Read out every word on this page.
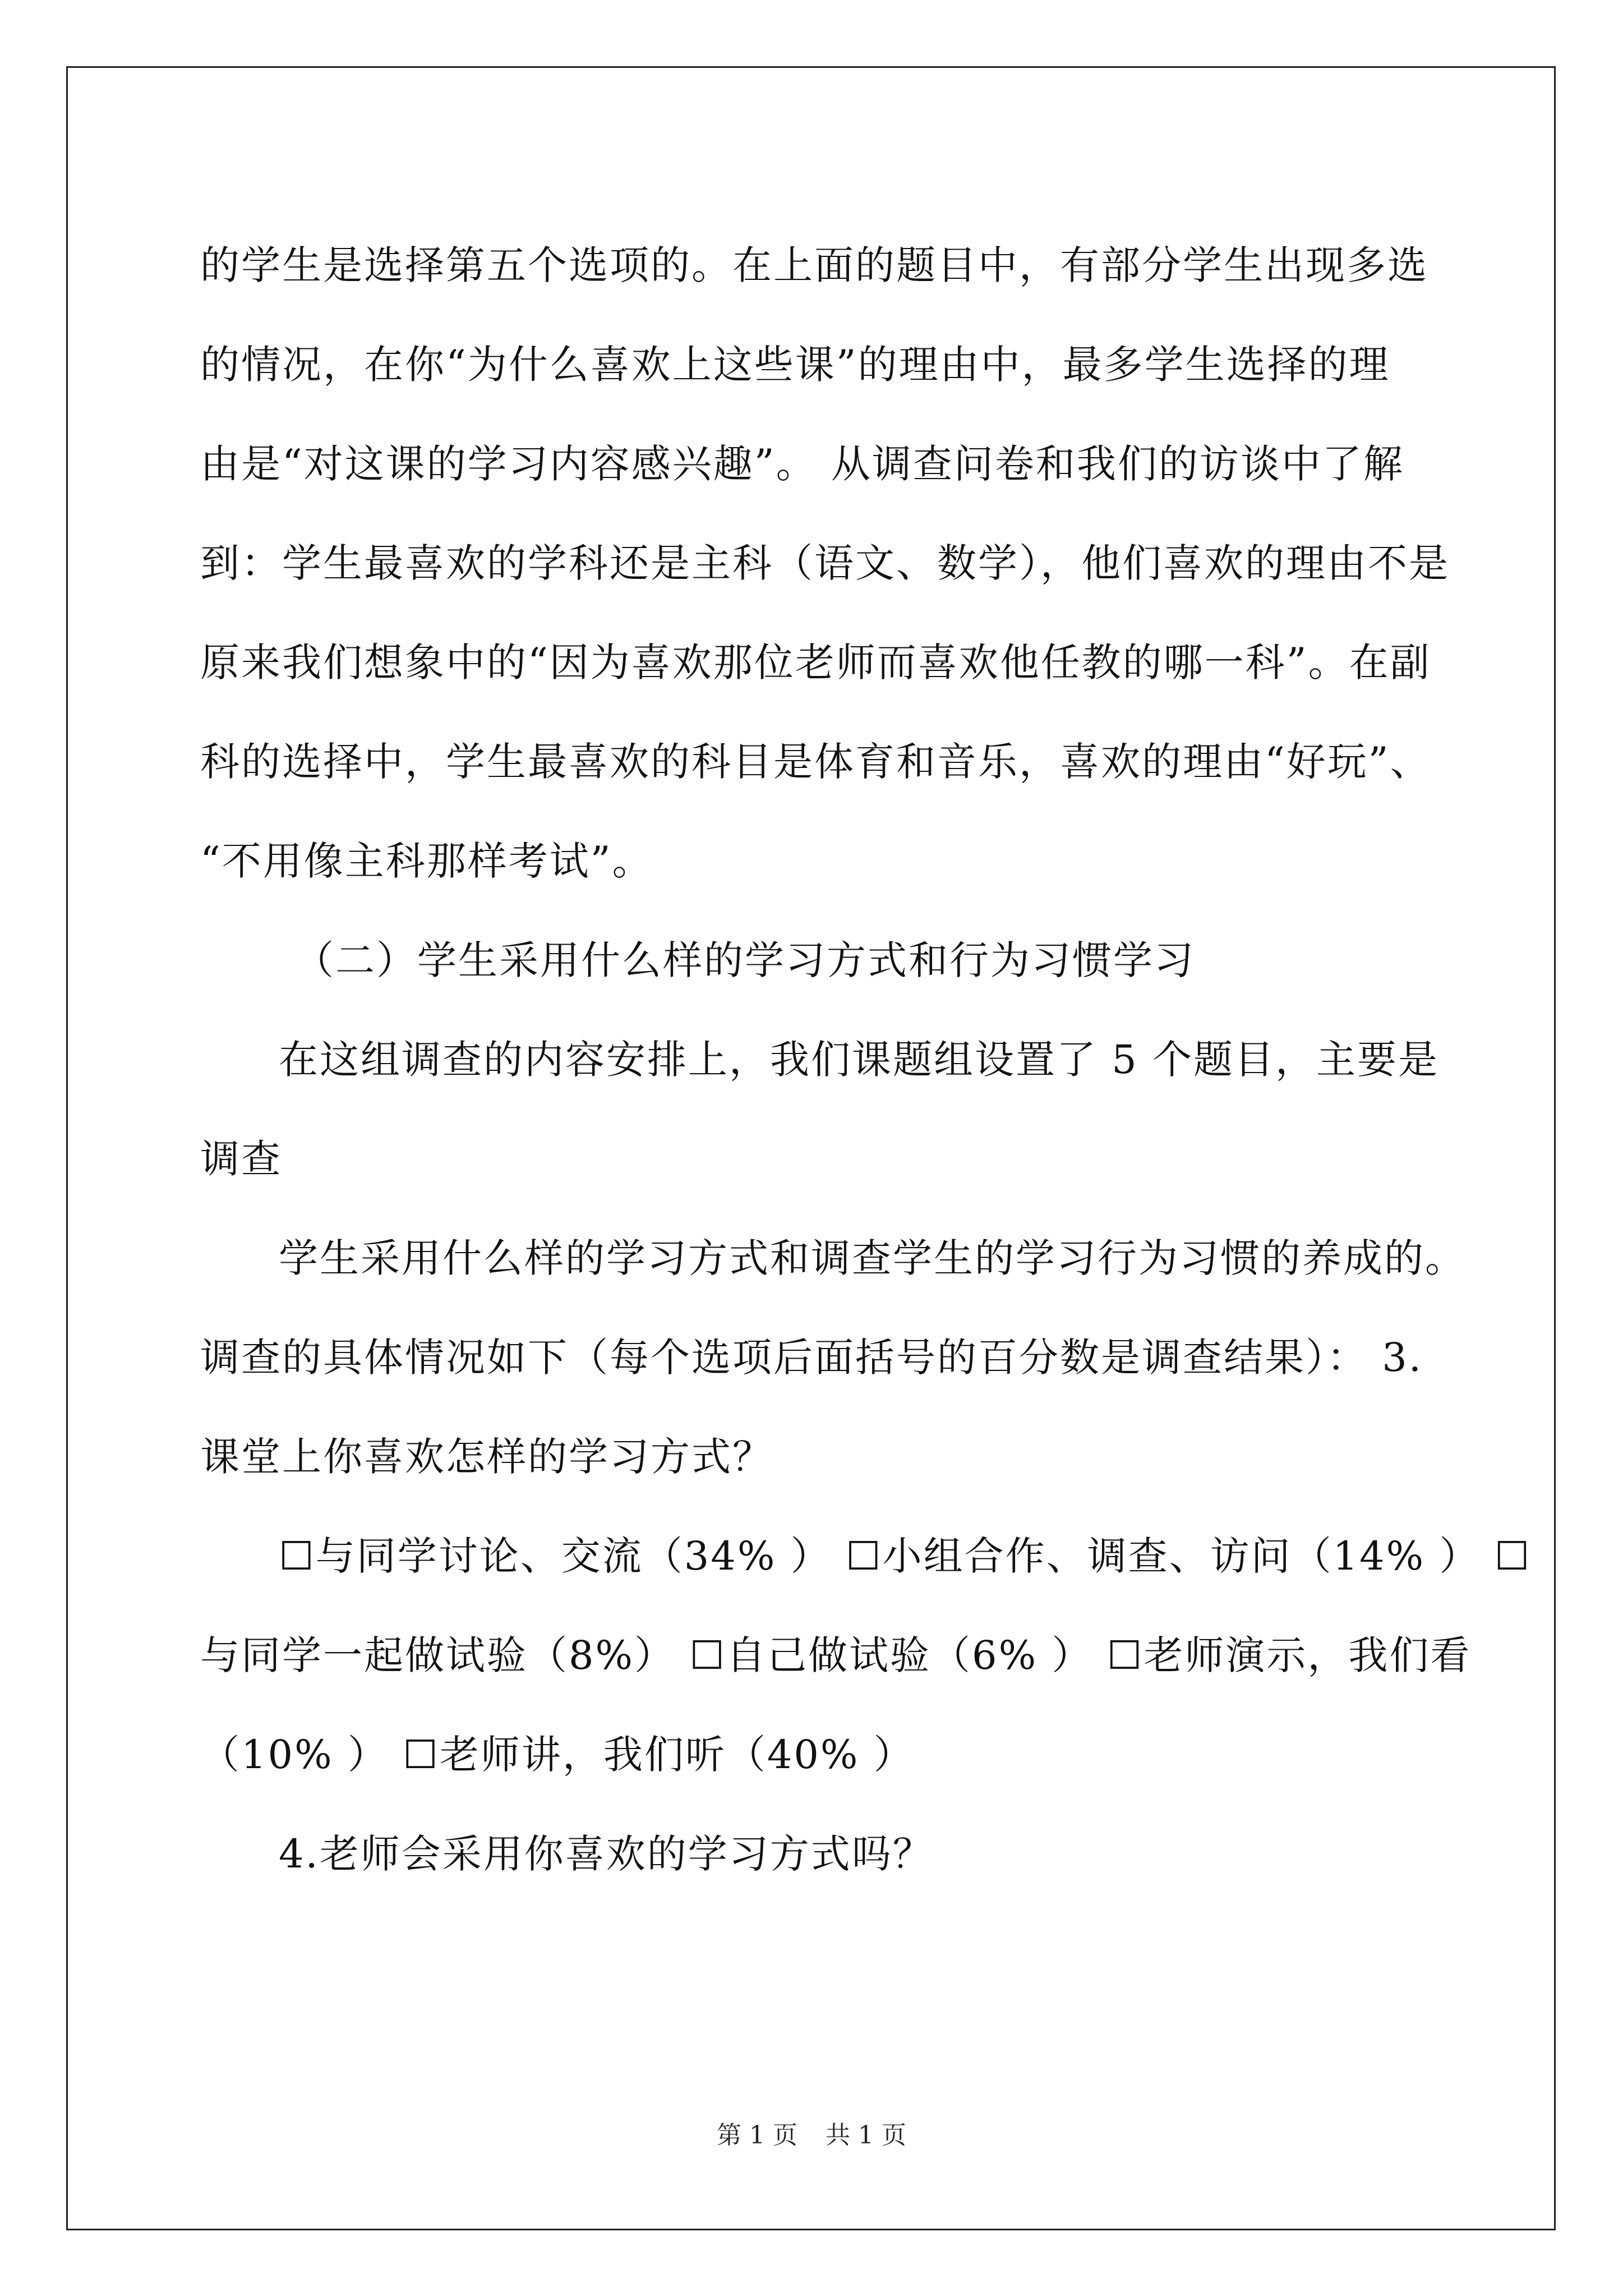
的学生是选择第五个选项的。在上面的题目中，有部分学生出现多选
的情况，在你“为什么喜欢上这些课”的理由中，最多学生选择的理
由是“对这课的学习内容感兴趣”。 从调查问卷和我们的访谈中了解
到：学生最喜欢的学科还是主科（语文、数学），他们喜欢的理由不是
原来我们想象中的“因为喜欢那位老师而喜欢他任教的哪一科”。在副
科的选择中，学生最喜欢的科目是体育和音乐，喜欢的理由“好玩”、
“不用像主科那样考试”。
（二）学生采用什么样的学习方式和行为习惯学习
在这组调查的内容安排上，我们课题组设置了 5 个题目，主要是
调查
学生采用什么样的学习方式和调查学生的学习行为习惯的养成的。
调查的具体情况如下（每个选项后面括号的百分数是调查结果）： 3.
课堂上你喜欢怎样的学习方式？
☐与同学讨论、交流（34% ） ☐小组合作、调查、访问（14% ） ☐
与同学一起做试验（8%） ☐自己做试验（6% ） ☐老师演示，我们看
（10% ） ☐老师讲，我们听（40% ）
4.老师会采用你喜欢的学习方式吗？
第 1 页 共 1 页
